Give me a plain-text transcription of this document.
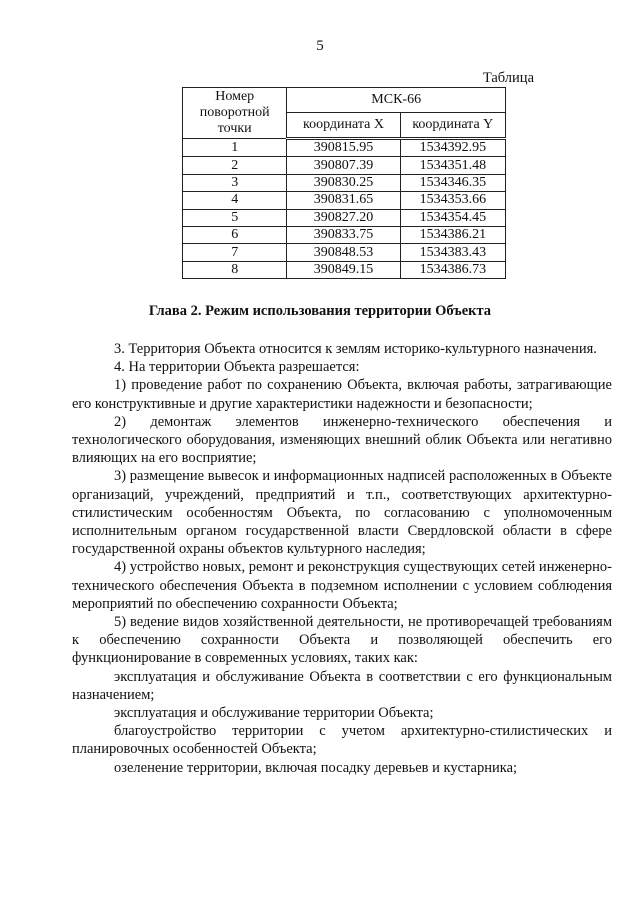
5
Таблица
Номер поворотной точки	МСК-66	
	координата X	координата Y
1	390815.95	1534392.95
2	390807.39	1534351.48
3	390830.25	1534346.35
4	390831.65	1534353.66
5	390827.20	1534354.45
6	390833.75	1534386.21
7	390848.53	1534383.43
8	390849.15	1534386.73
Глава 2. Режим использования территории Объекта

3. Территория Объекта относится к землям историко-культурного назначения.

4. На территории Объекта разрешается:

1) проведение работ по сохранению Объекта, включая работы, затрагивающие его конструктивные и другие характеристики надежности и безопасности;

2) демонтаж элементов инженерно-технического обеспечения и технологического оборудования, изменяющих внешний облик Объекта или негативно влияющих на его восприятие;

3) размещение вывесок и информационных надписей расположенных в Объекте организаций, учреждений, предприятий и т.п., соответствующих архитектурно-стилистическим особенностям Объекта, по согласованию с уполномоченным исполнительным органом государственной власти Свердловской области в сфере государственной охраны объектов культурного наследия;

4) устройство новых, ремонт и реконструкция существующих сетей инженерно-технического обеспечения Объекта в подземном исполнении с условием соблюдения мероприятий по обеспечению сохранности Объекта;

5) ведение видов хозяйственной деятельности, не противоречащей требованиям к обеспечению сохранности Объекта и позволяющей обеспечить его функционирование в современных условиях, таких как:

эксплуатация и обслуживание Объекта в соответствии с его функциональным назначением;

эксплуатация и обслуживание территории Объекта;

благоустройство территории с учетом архитектурно-стилистических и планировочных особенностей Объекта;

озеленение территории, включая посадку деревьев и кустарника;
